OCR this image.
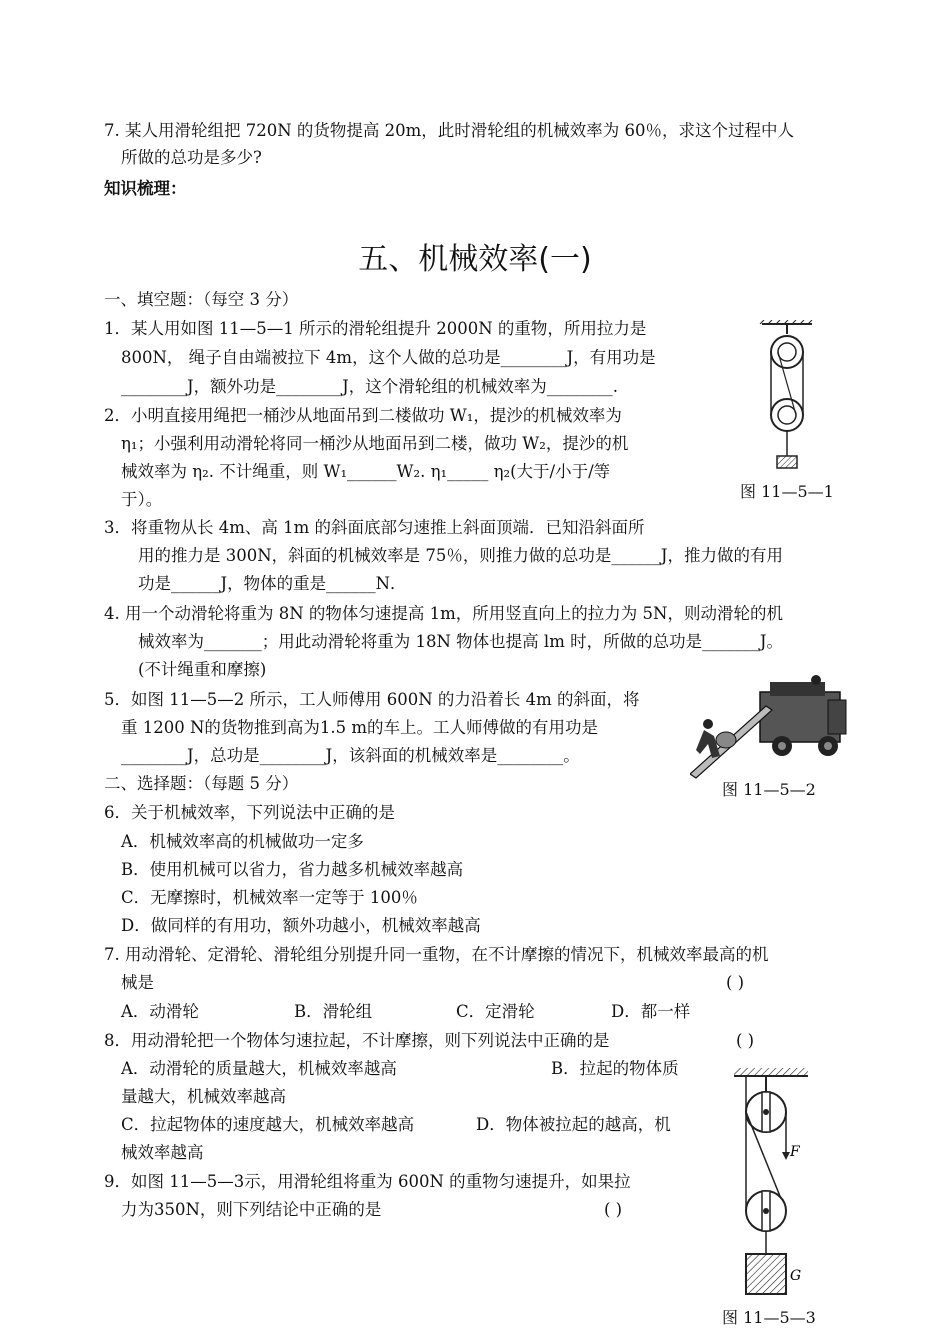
7. 某人用滑轮组把 720N 的货物提高 20m，此时滑轮组的机械效率为 60％，求这个过程中人
所做的总功是多少?
知识梳理：
五、机械效率(一)
一、填空题：（每空 3 分）
1．某人用如图 11—5—1 所示的滑轮组提升 2000N 的重物，所用拉力是
800N， 绳子自由端被拉下 4m，这个人做的总功是________J，有用功是
________J，额外功是________J，这个滑轮组的机械效率为________.
2．小明直接用绳把一桶沙从地面吊到二楼做功 W₁，提沙的机械效率为
η₁；小强利用动滑轮将同一桶沙从地面吊到二楼，做功 W₂，提沙的机
械效率为 η₂. 不计绳重，则 W₁______W₂. η₁_____ η₂(大于/小于/等
于）。
3．将重物从长 4m、高 1m 的斜面底部匀速推上斜面顶端．已知沿斜面所
用的推力是 300N，斜面的机械效率是 75％，则推力做的总功是______J，推力做的有用
功是______J，物体的重是______N．
4. 用一个动滑轮将重为 8N 的物体匀速提高 1m，所用竖直向上的拉力为 5N，则动滑轮的机
械效率为_______；用此动滑轮将重为 18N 物体也提高 lm 时，所做的总功是_______J。
(不计绳重和摩擦)
5．如图 11—5—2 所示，工人师傅用 600N 的力沿着长 4m 的斜面，将
重 1200 N的货物推到高为1.5 m的车上。工人师傅做的有用功是
________J，总功是________J，该斜面的机械效率是________。
二、选择题：（每题 5 分）
6．关于机械效率，下列说法中正确的是
A．机械效率高的机械做功一定多
B．使用机械可以省力，省力越多机械效率越高
C．无摩擦时，机械效率一定等于 100％
D．做同样的有用功，额外功越小，机械效率越高
7. 用动滑轮、定滑轮、滑轮组分别提升同一重物，在不计摩擦的情况下，机械效率最高的机
械是	( )
A．动滑轮	B．滑轮组	C．定滑轮	D．都一样
8．用动滑轮把一个物体匀速拉起，不计摩擦，则下列说法中正确的是	( )
A．动滑轮的质量越大，机械效率越高	B．拉起的物体质
量越大，机械效率越高
C．拉起物体的速度越大，机械效率越高	D．物体被拉起的越高，机
械效率越高
9．如图 11—5—3示，用滑轮组将重为 600N 的重物匀速提升，如果拉
力为350N，则下列结论中正确的是	( )
图 11—5—1
图 11—5—2
F
G
图 11—5—3
